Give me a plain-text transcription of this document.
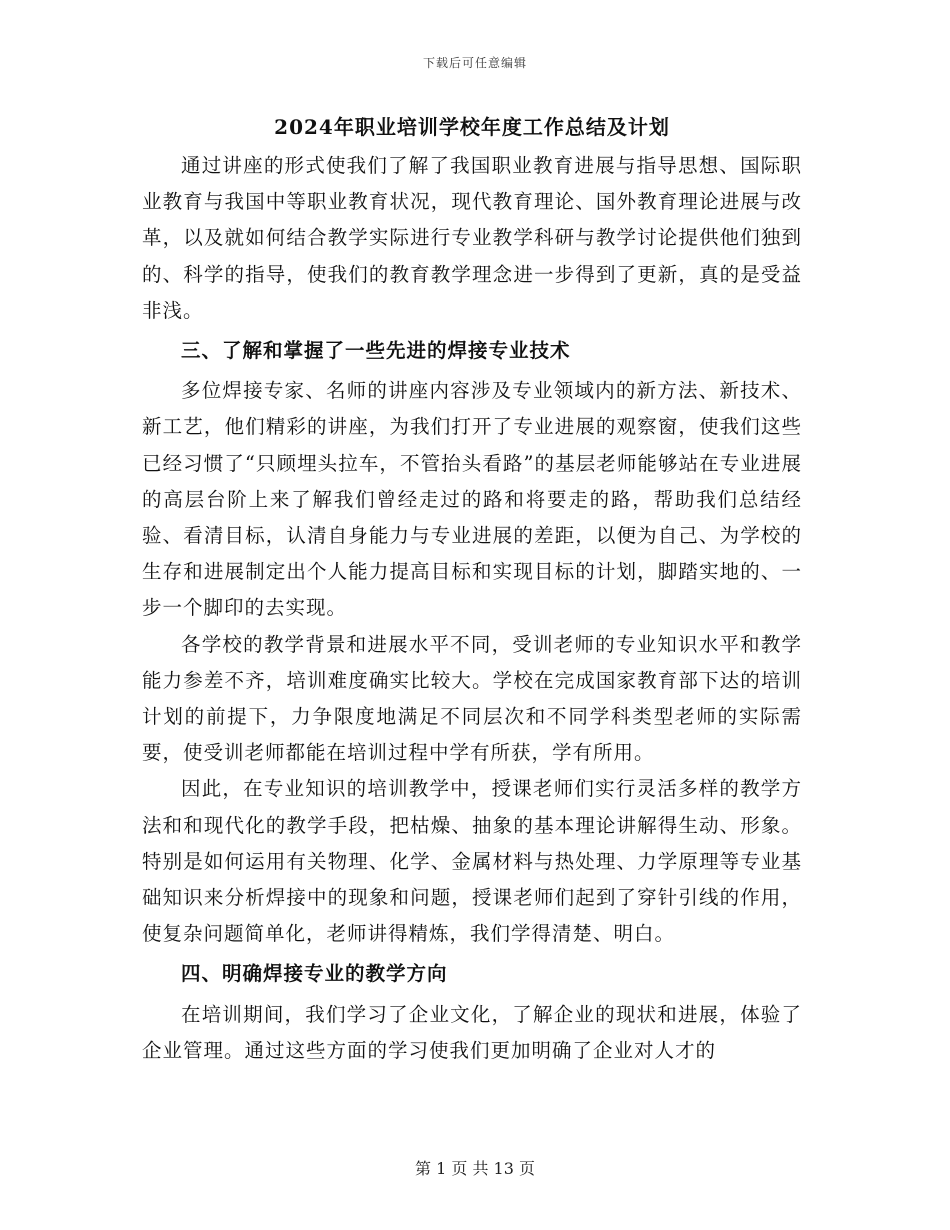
下载后可任意编辑
2024年职业培训学校年度工作总结及计划

通过讲座的形式使我们了解了我国职业教育进展与指导思想、国际职业教育与我国中等职业教育状况，现代教育理论、国外教育理论进展与改革，以及就如何结合教学实际进行专业教学科研与教学讨论提供他们独到的、科学的指导，使我们的教育教学理念进一步得到了更新，真的是受益非浅。

三、了解和掌握了一些先进的焊接专业技术

多位焊接专家、名师的讲座内容涉及专业领域内的新方法、新技术、新工艺，他们精彩的讲座，为我们打开了专业进展的观察窗，使我们这些已经习惯了“只顾埋头拉车，不管抬头看路”的基层老师能够站在专业进展的高层台阶上来了解我们曾经走过的路和将要走的路，帮助我们总结经验、看清目标，认清自身能力与专业进展的差距，以便为自己、为学校的生存和进展制定出个人能力提高目标和实现目标的计划，脚踏实地的、一步一个脚印的去实现。

各学校的教学背景和进展水平不同，受训老师的专业知识水平和教学能力参差不齐，培训难度确实比较大。学校在完成国家教育部下达的培训计划的前提下，力争限度地满足不同层次和不同学科类型老师的实际需要，使受训老师都能在培训过程中学有所获，学有所用。

因此，在专业知识的培训教学中，授课老师们实行灵活多样的教学方法和和现代化的教学手段，把枯燥、抽象的基本理论讲解得生动、形象。特别是如何运用有关物理、化学、金属材料与热处理、力学原理等专业基础知识来分析焊接中的现象和问题，授课老师们起到了穿针引线的作用，使复杂问题简单化，老师讲得精炼，我们学得清楚、明白。

四、明确焊接专业的教学方向

在培训期间，我们学习了企业文化，了解企业的现状和进展，体验了企业管理。通过这些方面的学习使我们更加明确了企业对人才的

第 1 页 共 13 页
